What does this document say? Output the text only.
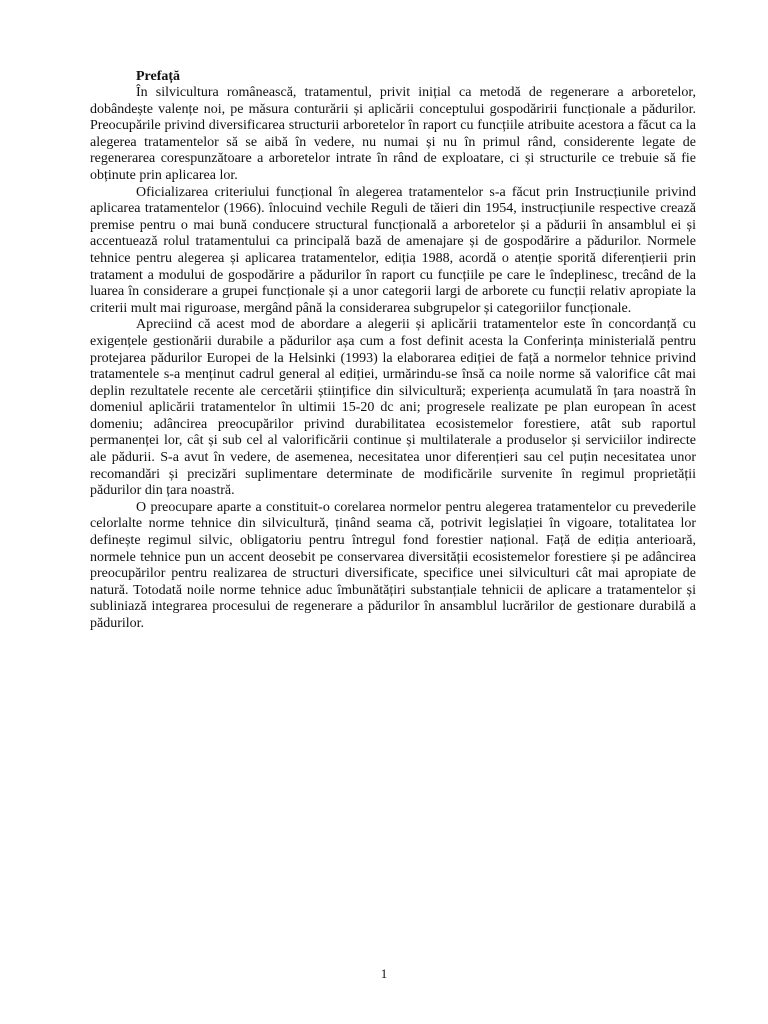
Prefață

În silvicultura românească, tratamentul, privit inițial ca metodă de regenerare a arboretelor, dobândește valențe noi, pe măsura conturării și aplicării conceptului gospodăririi funcționale a pădurilor. Preocupările privind diversificarea structurii arboretelor în raport cu funcțiile atribuite acestora a făcut ca la alegerea tratamentelor să se aibă în vedere, nu numai și nu în primul rând, considerente legate de regenerarea corespunzătoare a arboretelor intrate în rând de exploatare, ci și structurile ce trebuie să fie obținute prin aplicarea lor.

Oficializarea criteriului funcțional în alegerea tratamentelor s-a făcut prin Instrucțiunile privind aplicarea tratamentelor (1966). înlocuind vechile Reguli de tăieri din 1954, instrucțiunile respective crează premise pentru o mai bună conducere structural funcțională a arboretelor și a pădurii în ansamblul ei și accentuează rolul tratamentului ca principală bază de amenajare și de gospodărire a pădurilor. Normele tehnice pentru alegerea și aplicarea tratamentelor, ediția 1988, acordă o atenție sporită diferențierii prin tratament a modului de gospodărire a pădurilor în raport cu funcțiile pe care le îndeplinesc, trecând de la luarea în considerare a grupei funcționale și a unor categorii largi de arborete cu funcții relativ apropiate la criterii mult mai riguroase, mergând până la considerarea subgrupelor și categoriilor funcționale.

Apreciind că acest mod de abordare a alegerii și aplicării tratamentelor este în concordanță cu exigențele gestionării durabile a pădurilor așa cum a fost definit acesta la Conferința ministerială pentru protejarea pădurilor Europei de la Helsinki (1993) la elaborarea ediției de față a normelor tehnice privind tratamentele s-a menținut cadrul general al ediției, urmărindu-se însă ca noile norme să valorifice cât mai deplin rezultatele recente ale cercetării științifice din silvicultură; experiența acumulată în țara noastră în domeniul aplicării tratamentelor în ultimii 15-20 dc ani; progresele realizate pe plan european în acest domeniu; adâncirea preocupărilor privind durabilitatea ecosistemelor forestiere, atât sub raportul permanenței lor, cât și sub cel al valorificării continue și multilaterale a produselor și serviciilor indirecte ale pădurii. S-a avut în vedere, de asemenea, necesitatea unor diferențieri sau cel puțin necesitatea unor recomandări și precizări suplimentare determinate de modificările survenite în regimul proprietății pădurilor din țara noastră.

O preocupare aparte a constituit-o corelarea normelor pentru alegerea tratamentelor cu prevederile celorlalte norme tehnice din silvicultură, ținând seama că, potrivit legislației în vigoare, totalitatea lor definește regimul silvic, obligatoriu pentru întregul fond forestier național. Față de ediția anterioară, normele tehnice pun un accent deosebit pe conservarea diversității ecosistemelor forestiere și pe adâncirea preocupărilor pentru realizarea de structuri diversificate, specifice unei silviculturi cât mai apropiate de natură. Totodată noile norme tehnice aduc îmbunătățiri substanțiale tehnicii de aplicare a tratamentelor și subliniază integrarea procesului de regenerare a pădurilor în ansamblul lucrărilor de gestionare durabilă a pădurilor.

1
